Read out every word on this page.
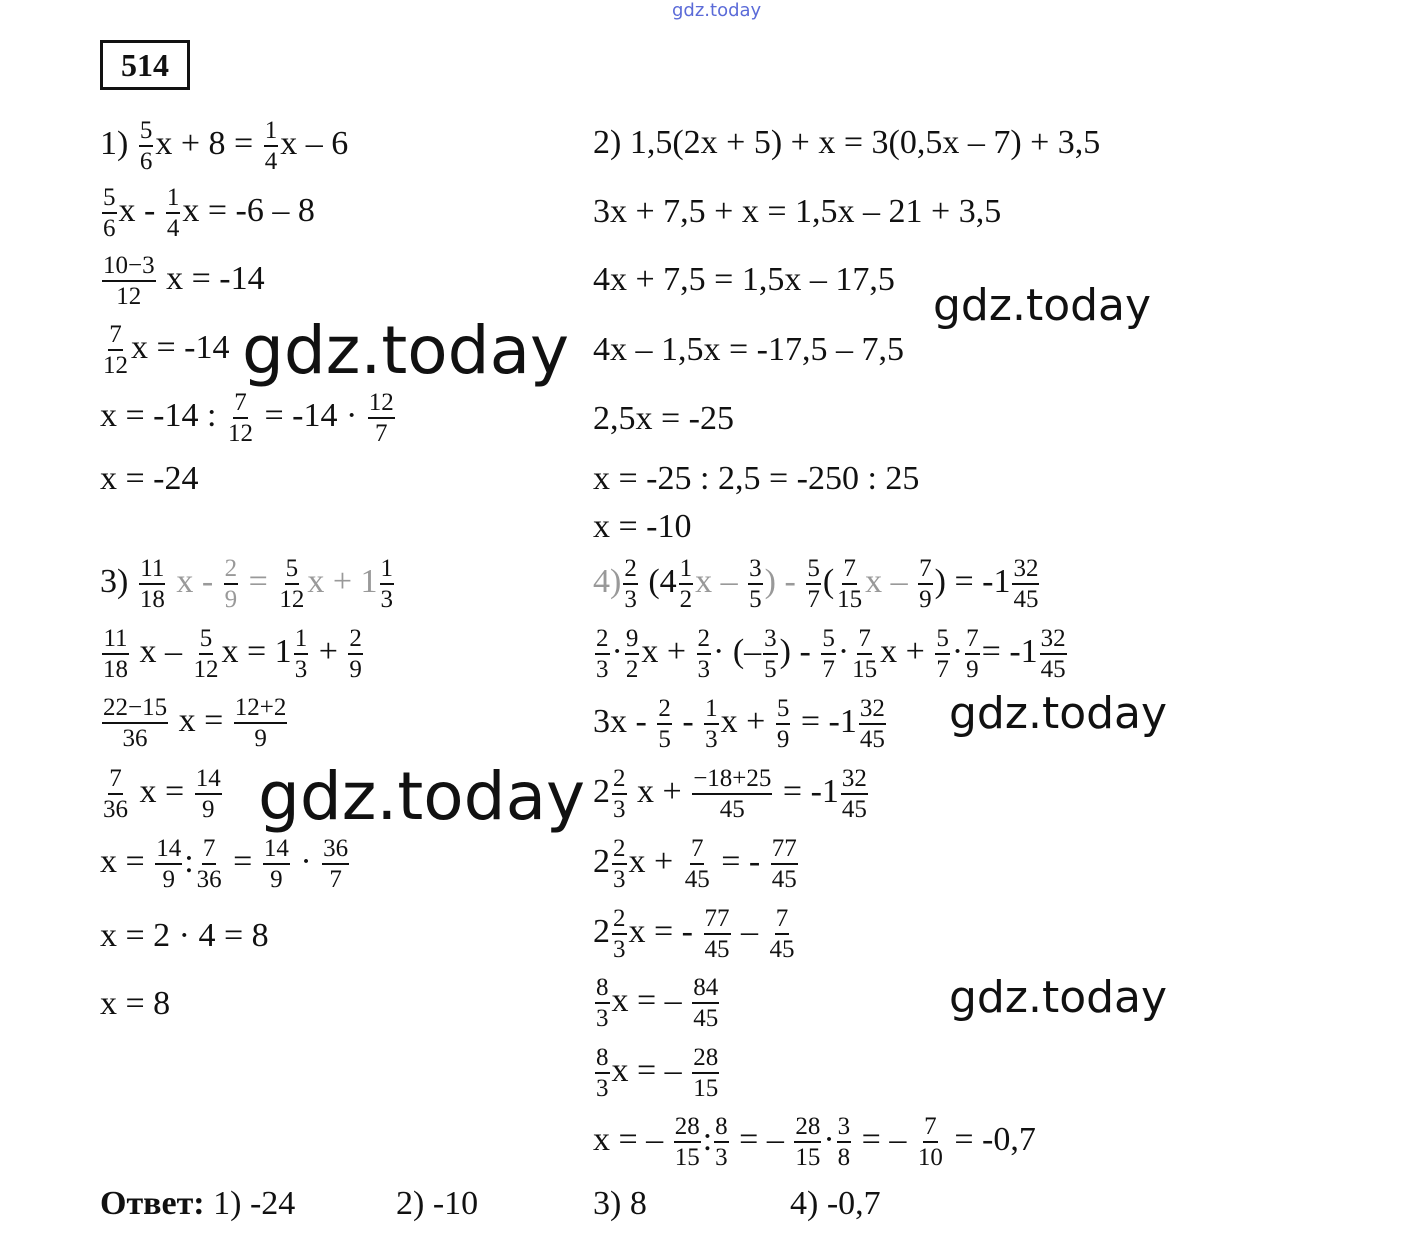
gdz.today
514
$1) \frac{5}{6}$ $x + 8 = \frac{1}{4}$ x – 6
$\frac{5}{6}$ x - $\frac{1}{4}$ x = -6 – 8
$\frac{10-3}{12}$ x = -14
$\frac{7}{12}$ x = -14
x = -14 : $\frac{7}{12} = -14 \cdot \frac{12}{7}$
x = -24
gdz.today
2) 1,5(2x + 5) + x = 3(0,5x – 7) + 3,5
3x + 7,5 + x = 1,5x – 21 + 3,5
4x + 7,5 = 1,5x – 17,5
4x – 1,5x = -17,5 – 7,5
2,5x = -25
x = -25 : 2,5 = -250 : 25
x = -10
gdz.today
$3) \frac{11}{18}$ $x - \frac{2}{9} = \frac{5}{12}$ $x + 1 \frac{1}{3}$
$\frac{11}{18}$ x – $\frac{5}{12}$ $x = 1 \frac{1}{3} + \frac{2}{9}$
$\frac{22-15}{36}$ $x = \frac{12+2}{9}$
$\frac{7}{36}$ $x = \frac{14}{9}$
$x = \frac{14}{9}$ : $\frac{7}{36} = \frac{14}{9} \cdot \frac{36}{7}$
x = 2 · 4 = 8
x = 8
gdz.today
$4) \frac{2}{3} (4 \frac{1}{2}$ x – $\frac{3}{5}$ ) - $\frac{5}{7}$ ( $\frac{7}{15}$ x – $\frac{7}{9}$ ) = $-1 \frac{32}{45}$
$\frac{2}{3} \cdot \frac{9}{2}$ $x + \frac{2}{3}$ · (– $\frac{3}{5}$ ) - $\frac{5}{7} \cdot \frac{7}{15}$ $x + \frac{5}{7} \cdot \frac{7}{9} = -1 \frac{32}{45}$
$3x - \frac{2}{5} - \frac{1}{3}$ $x + \frac{5}{9} = -1 \frac{32}{45}$
$2 \frac{2}{3}$ $x + \frac{-18+25}{45} = -1 \frac{32}{45}$
$2 \frac{2}{3}$ $x + \frac{7}{45}$ = - $\frac{77}{45}$
$2 \frac{2}{3}$ x = - $\frac{77}{45} - \frac{7}{45}$
$\frac{8}{3}$ x = – $\frac{84}{45}$
$\frac{8}{3}$ x = – $\frac{28}{15}$
x = – $\frac{28}{15}$ : $\frac{8}{3}$ = – $\frac{28}{15} \cdot \frac{3}{8}$ = – $\frac{7}{10} = -0,7$
gdz.today
gdz.today
Ответ: 1) -24	2) -10	3) 8	4) -0,7
